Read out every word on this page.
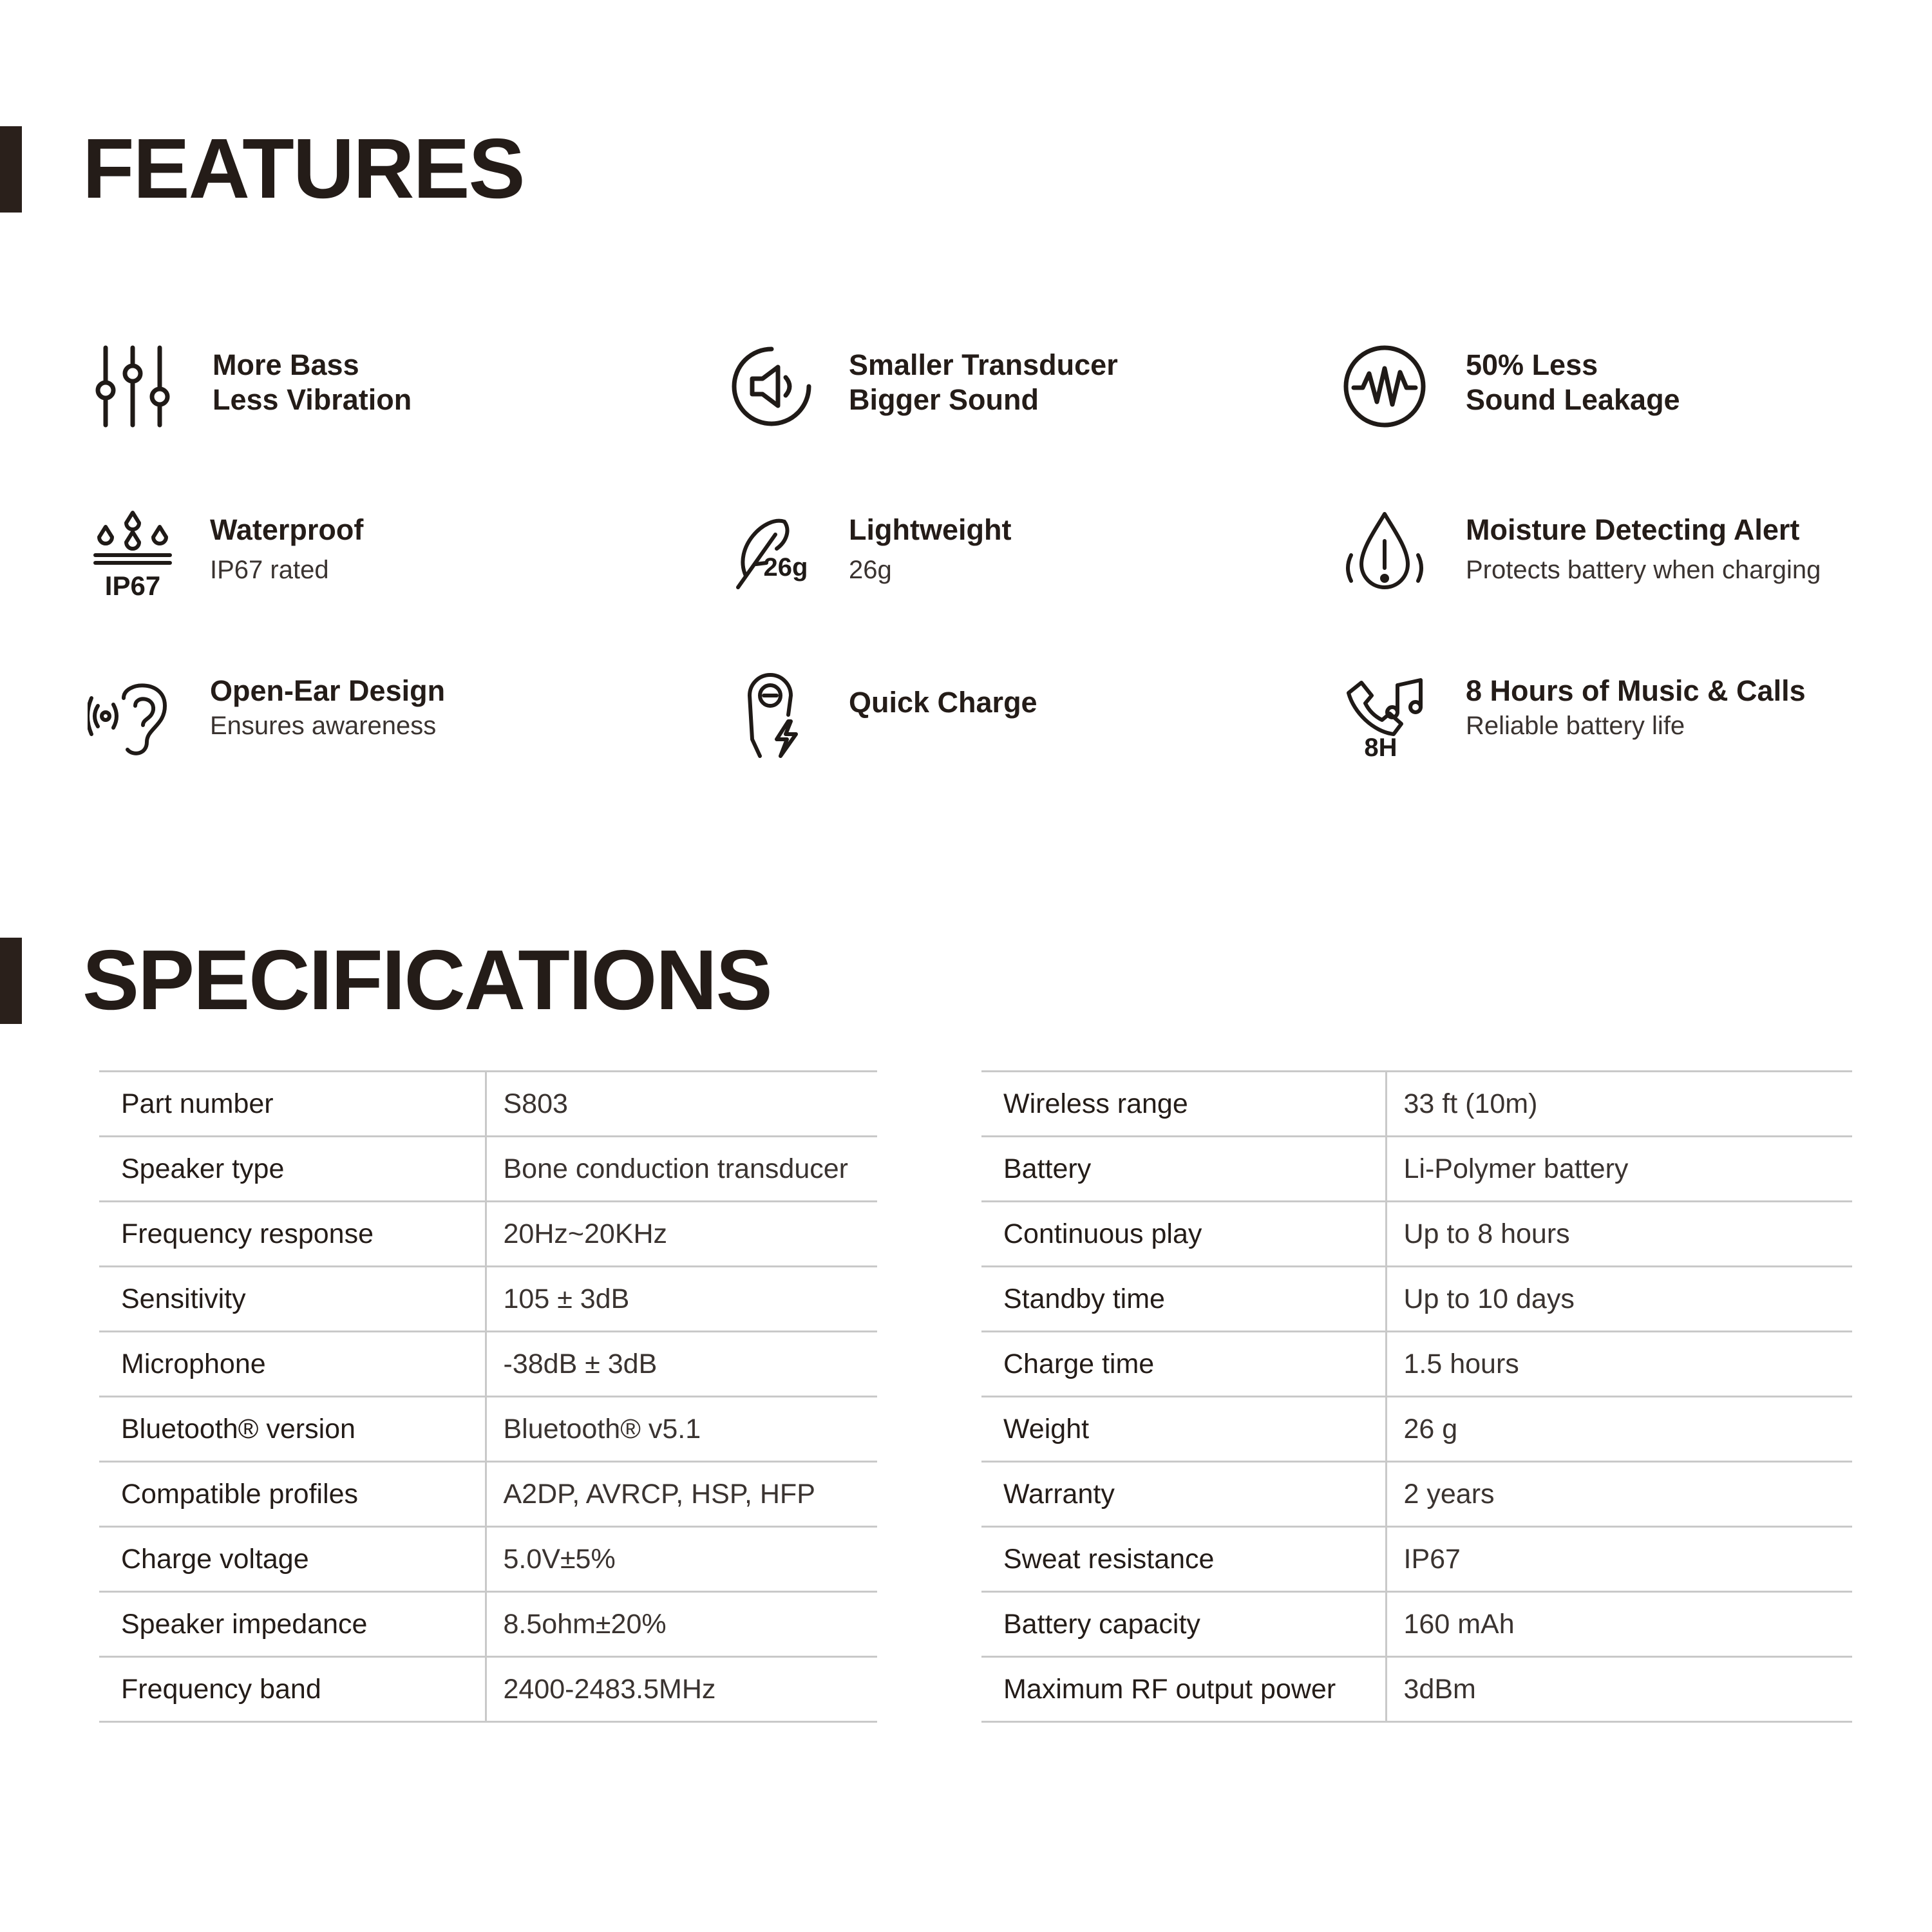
FEATURES
More Bass
Less Vibration
Smaller Transducer
Bigger Sound
50% Less
Sound Leakage
IP67
Waterproof
IP67 rated	26g
Lightweight
26g
Moisture Detecting Alert
Protects battery when charging
Open-Ear Design
Ensures awareness
Quick Charge
8H
8 Hours of Music & Calls
Reliable battery life
SPECIFICATIONS
Part number	S803
Speaker type	Bone conduction transducer
Frequency response	20Hz~20KHz
Sensitivity	105 ± 3dB
Microphone	-38dB ± 3dB
Bluetooth® version	Bluetooth® v5.1
Compatible profiles	A2DP, AVRCP, HSP, HFP
Charge voltage	5.0V±5%
Speaker impedance	8.5ohm±20%
Frequency band	2400-2483.5MHz
Wireless range	33 ft (10m)
Battery	Li-Polymer battery
Continuous play	Up to 8 hours
Standby time	Up to 10 days
Charge time	1.5 hours
Weight	26 g
Warranty	2 years
Sweat resistance	IP67
Battery capacity	160 mAh
Maximum RF output power	3dBm
